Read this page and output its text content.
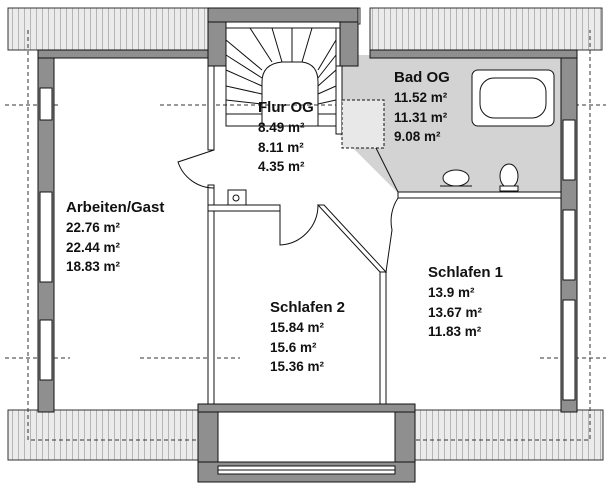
Flur OG
8.49 m²
8.11 m²
4.35 m²
Bad OG
11.52 m²
11.31 m²
9.08 m²
Arbeiten/Gast
22.76 m²
22.44 m²
18.83 m²
Schlafen 2
15.84 m²
15.6 m²
15.36 m²
Schlafen 1
13.9 m²
13.67 m²
11.83 m²
